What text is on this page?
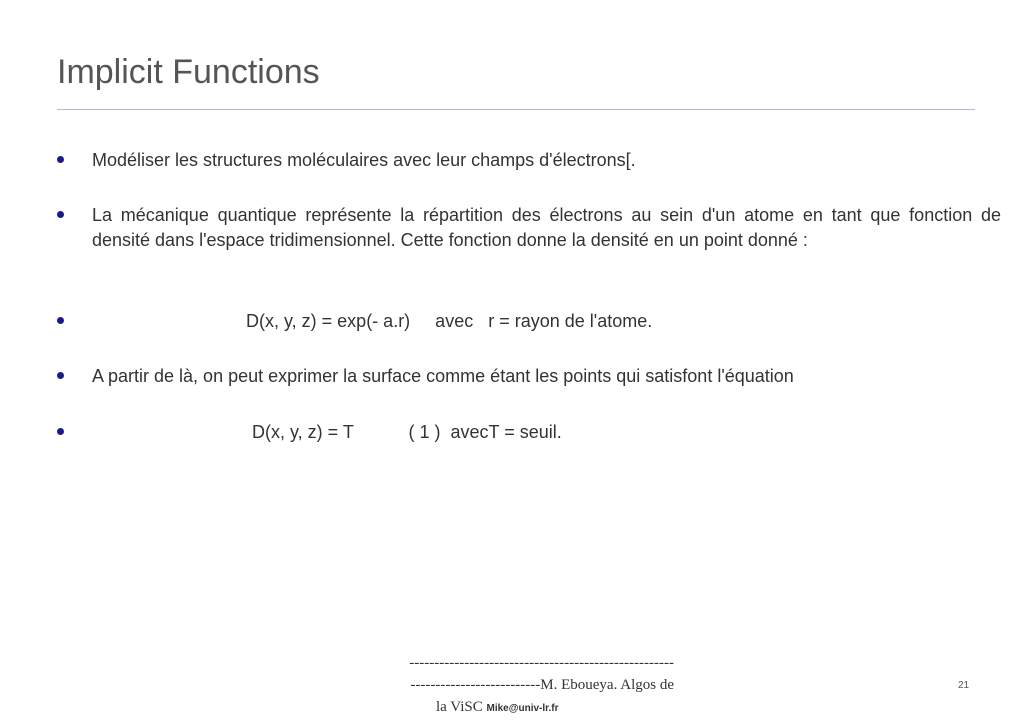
Implicit Functions
Modéliser les structures moléculaires avec leur champs d'électrons[.
La mécanique quantique représente la répartition des électrons au sein d'un atome en tant que fonction de densité dans l'espace tridimensionnel. Cette fonction donne la densité en un point donné :
D(x, y, z) = exp(- a.r)     avec   r = rayon de l'atome.
A partir de là, on peut exprimer la surface comme étant les points qui satisfont l'équation
D(x, y, z) = T           ( 1 )  avecT = seuil.
-----------------------------------------------------
--------------------------M. Eboueya. Algos de
la ViSC Mike@univ-lr.fr
21
